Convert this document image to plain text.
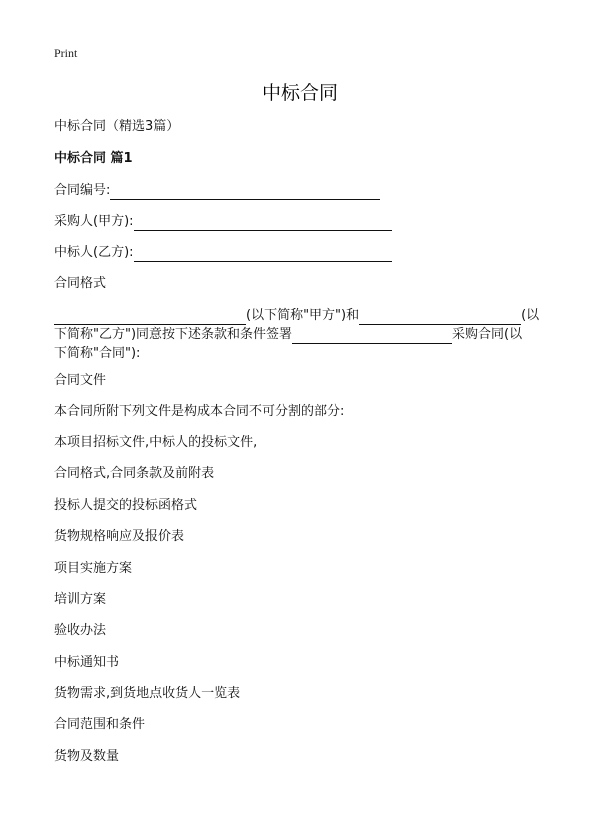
Print
中标合同
中标合同（精选3篇）
中标合同 篇1
合同编号:
采购人(甲方):
中标人(乙方):
合同格式
(以下简称"甲方")和	(以
下简称"乙方")同意按下述条款和条件签署	采购合同(以
下简称"合同"):
合同文件
本合同所附下列文件是构成本合同不可分割的部分:
本项目招标文件,中标人的投标文件,
合同格式,合同条款及前附表
投标人提交的投标函格式
货物规格响应及报价表
项目实施方案
培训方案
验收办法
中标通知书
货物需求,到货地点收货人一览表
合同范围和条件
货物及数量
